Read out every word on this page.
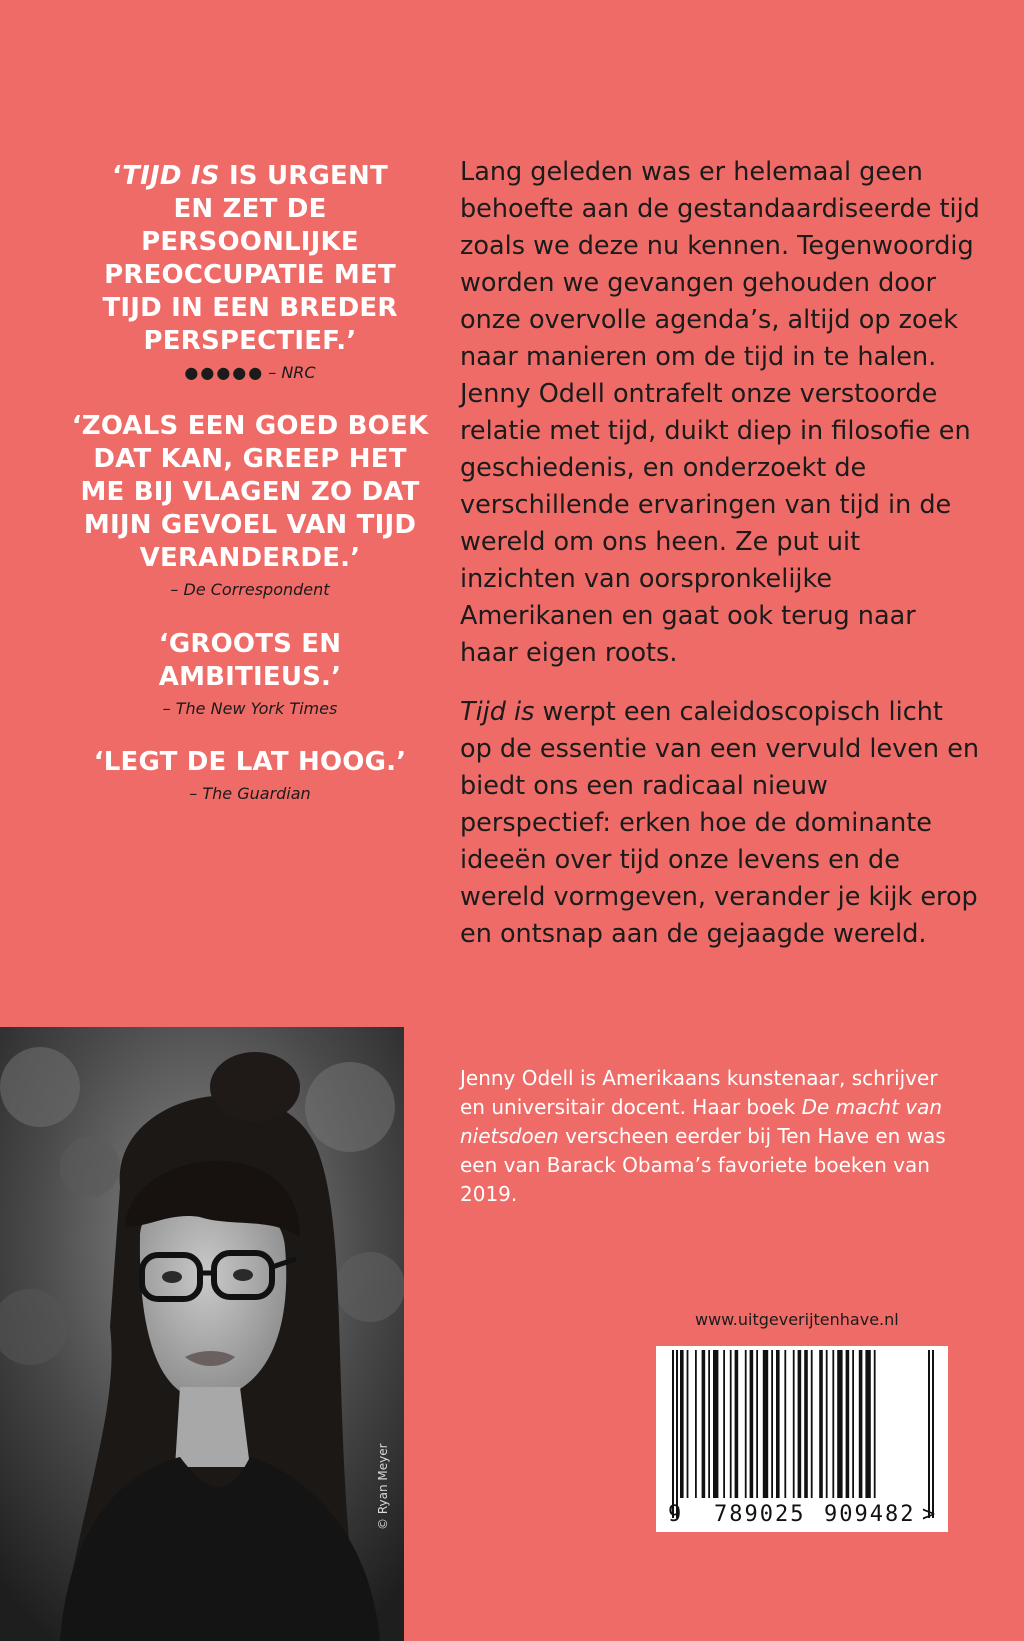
‘TIJD IS IS URGENT EN ZET DE PERSOONLIJKE PREOCCUPATIE MET TIJD IN EEN BREDER PERSPECTIEF.’

●●●●● – NRC

‘ZOALS EEN GOED BOEK DAT KAN, GREEP HET ME BIJ VLAGEN ZO DAT MIJN GEVOEL VAN TIJD VERANDERDE.’

– De Correspondent

‘GROOTS EN AMBITIEUS.’

– The New York Times

‘LEGT DE LAT HOOG.’

– The Guardian

Lang geleden was er helemaal geen behoefte aan de gestandaardiseerde tijd zoals we deze nu kennen. Tegenwoordig worden we gevangen gehouden door onze overvolle agenda’s, altijd op zoek naar manieren om de tijd in te halen. Jenny Odell ontrafelt onze verstoorde relatie met tijd, duikt diep in filosofie en geschiedenis, en onderzoekt de verschillende ervaringen van tijd in de wereld om ons heen. Ze put uit inzichten van oorspronkelijke Amerikanen en gaat ook terug naar haar eigen roots.

Tijd is werpt een caleidoscopisch licht op de essentie van een vervuld leven en biedt ons een radicaal nieuw perspectief: erken hoe de dominante ideeën over tijd onze levens en de wereld vormgeven, verander je kijk erop en ontsnap aan de gejaagde wereld.

Jenny Odell is Amerikaans kunstenaar, schrijver en universitair docent. Haar boek De macht van nietsdoen verscheen eerder bij Ten Have en was een van Barack Obama’s favoriete boeken van 2019.
© Ryan Meyer
www.uitgeverijtenhave.nl
9 789025 909482 >
